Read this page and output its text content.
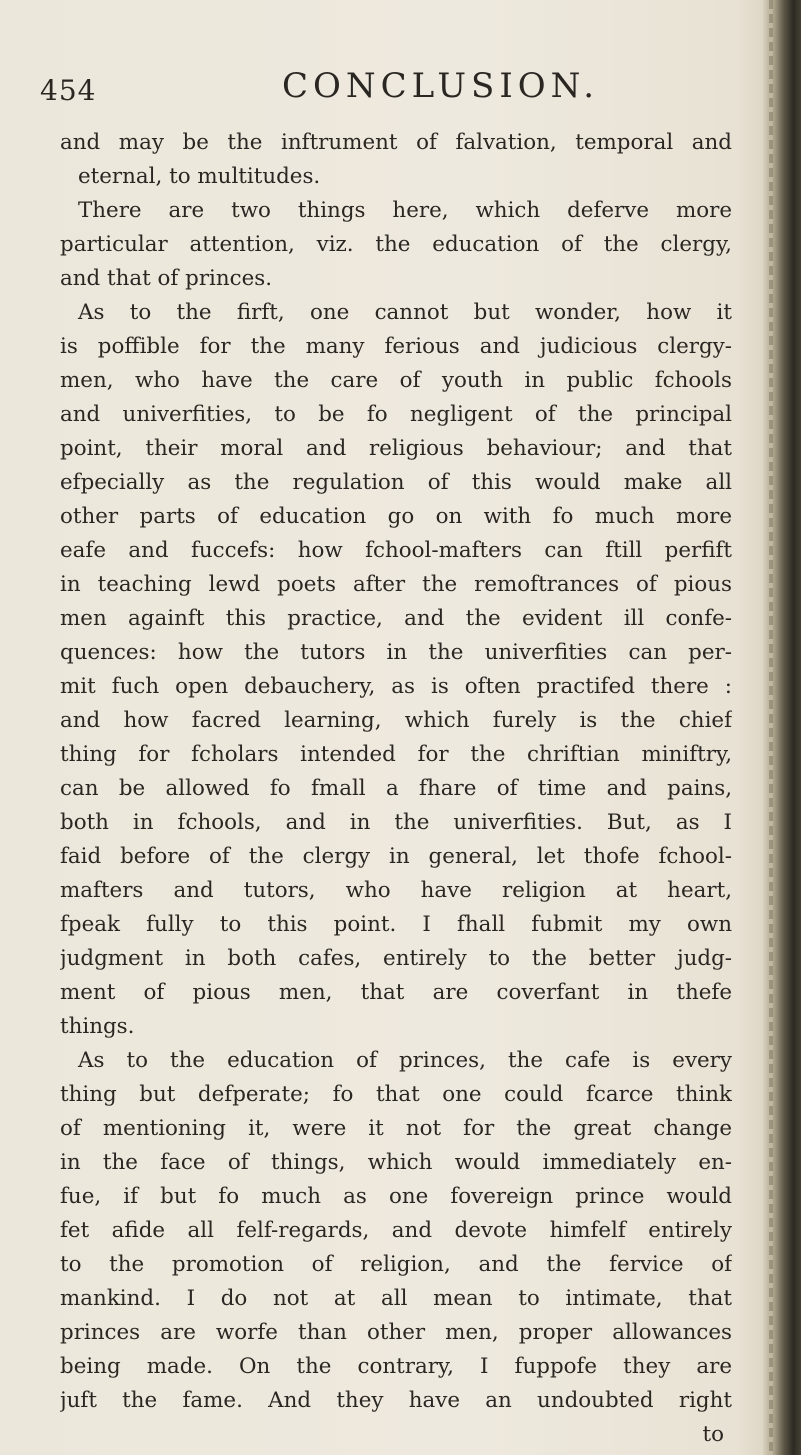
454	CONCLUSION.
and may be the inftrument of falvation, temporal and
eternal, to multitudes.
There are two things here, which deferve more
particular attention, viz. the education of the clergy,
and that of princes.
As to the firft, one cannot but wonder, how it
is poffible for the many ferious and judicious clergy-
men, who have the care of youth in public fchools
and univerfities, to be fo negligent of the principal
point, their moral and religious behaviour; and that
efpecially as the regulation of this would make all
other parts of education go on with fo much more
eafe and fuccefs: how fchool-mafters can ftill perfift
in teaching lewd poets after the remoftrances of pious
men againft this practice, and the evident ill confe-
quences: how the tutors in the univerfities can per-
mit fuch open debauchery, as is often practifed there :
and how facred learning, which furely is the chief
thing for fcholars intended for the chriftian miniftry,
can be allowed fo fmall a fhare of time and pains,
both in fchools, and in the univerfities. But, as I
faid before of the clergy in general, let thofe fchool-
mafters and tutors, who have religion at heart,
fpeak fully to this point. I fhall fubmit my own
judgment in both cafes, entirely to the better judg-
ment of pious men, that are coverfant in thefe
things.
As to the education of princes, the cafe is every
thing but defperate; fo that one could fcarce think
of mentioning it, were it not for the great change
in the face of things, which would immediately en-
fue, if but fo much as one fovereign prince would
fet afide all felf-regards, and devote himfelf entirely
to the promotion of religion, and the fervice of
mankind. I do not at all mean to intimate, that
princes are worfe than other men, proper allowances
being made. On the contrary, I fuppofe they are
juft the fame. And they have an undoubted right
to
